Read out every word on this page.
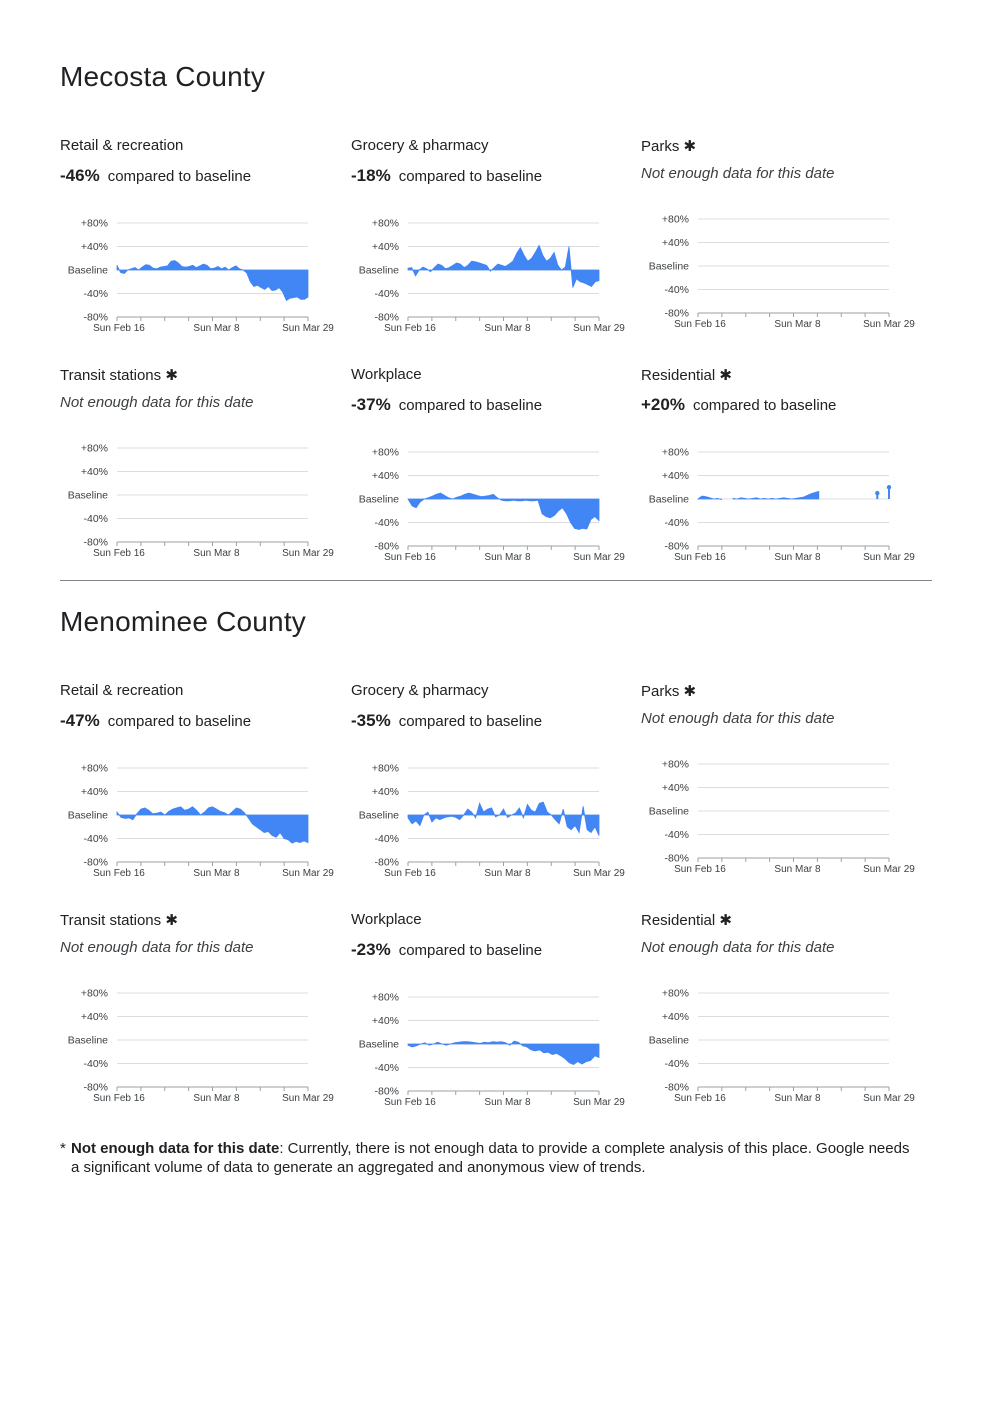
Mecosta County
Menominee County
Retail & recreation
-46% compared to baseline
+80%
+40%
Baseline
-40%
-80%
Sun Feb 16	Sun Mar 8	Sun Mar 29
Grocery & pharmacy
-18% compared to baseline
+80%
+40%
Baseline
-40%
-80%
Sun Feb 16	Sun Mar 8	Sun Mar 29
Parks ✱
Not enough data for this date
+80%
+40%
Baseline
-40%
-80%
Sun Feb 16	Sun Mar 8	Sun Mar 29
Transit stations ✱
Not enough data for this date
+80%
+40%
Baseline
-40%
-80%
Sun Feb 16	Sun Mar 8	Sun Mar 29
Workplace
-37% compared to baseline
+80%
+40%
Baseline
-40%
-80%
Sun Feb 16	Sun Mar 8	Sun Mar 29
Residential ✱
+20% compared to baseline
+80%
+40%
Baseline
-40%
-80%
Sun Feb 16	Sun Mar 8	Sun Mar 29
Retail & recreation
-47% compared to baseline
+80%
+40%
Baseline
-40%
-80%
Sun Feb 16	Sun Mar 8	Sun Mar 29
Grocery & pharmacy
-35% compared to baseline
+80%
+40%
Baseline
-40%
-80%
Sun Feb 16	Sun Mar 8	Sun Mar 29
Parks ✱
Not enough data for this date
+80%
+40%
Baseline
-40%
-80%
Sun Feb 16	Sun Mar 8	Sun Mar 29
Transit stations ✱
Not enough data for this date
+80%
+40%
Baseline
-40%
-80%
Sun Feb 16	Sun Mar 8	Sun Mar 29
Workplace
-23% compared to baseline
+80%
+40%
Baseline
-40%
-80%
Sun Feb 16	Sun Mar 8	Sun Mar 29
Residential ✱
Not enough data for this date
+80%
+40%
Baseline
-40%
-80%
Sun Feb 16	Sun Mar 8	Sun Mar 29
* Not enough data for this date: Currently, there is not enough data to provide a complete analysis of this place. Google needs a significant volume of data to generate an aggregated and anonymous view of trends.
